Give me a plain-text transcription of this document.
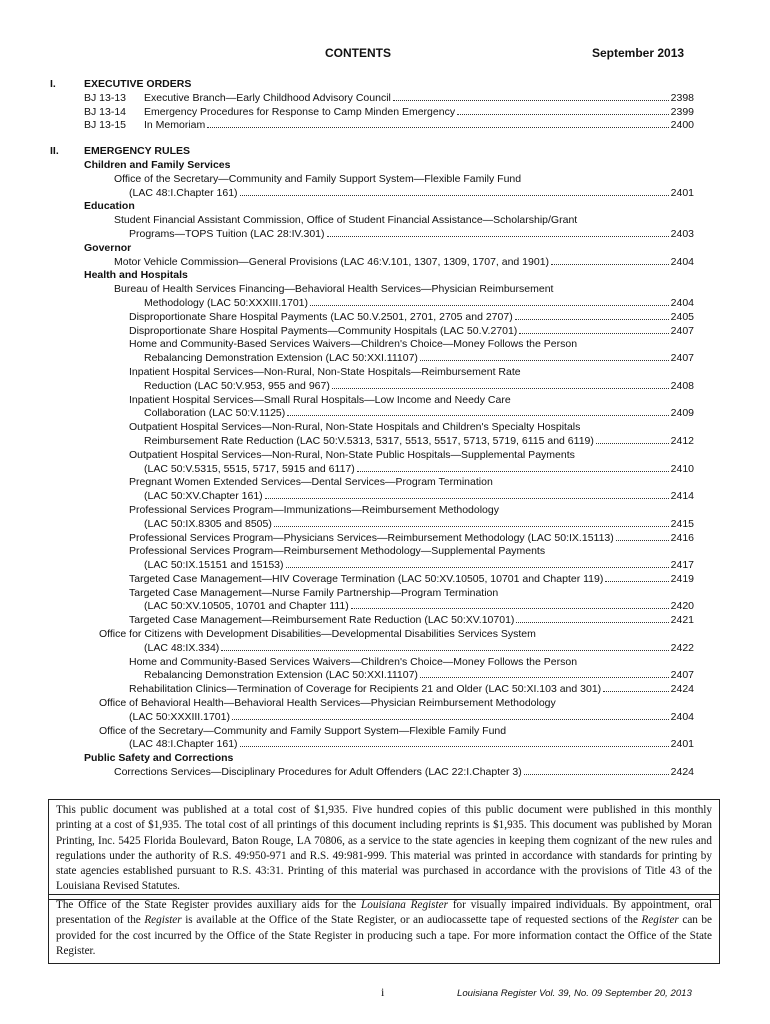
CONTENTS	September 2013
I.	EXECUTIVE ORDERS
BJ 13-13	Executive Branch—Early Childhood Advisory Council	2398
BJ 13-14	Emergency Procedures for Response to Camp Minden Emergency	2399
BJ 13-15	In Memoriam	2400
II.	EMERGENCY RULES
Children and Family Services
Office of the Secretary—Community and Family Support System—Flexible Family Fund
(LAC 48:I.Chapter 161)	2401
Education
Student Financial Assistant Commission, Office of Student Financial Assistance—Scholarship/Grant
Programs—TOPS Tuition (LAC 28:IV.301)	2403
Governor
Motor Vehicle Commission—General Provisions (LAC 46:V.101, 1307, 1309, 1707, and 1901)	2404
Health and Hospitals
Bureau of Health Services Financing—Behavioral Health Services—Physician Reimbursement
Methodology (LAC 50:XXXIII.1701)	2404
Disproportionate Share Hospital Payments (LAC 50.V.2501, 2701, 2705 and 2707)	2405
Disproportionate Share Hospital Payments—Community Hospitals (LAC 50.V.2701)	2407
Home and Community-Based Services Waivers—Children's Choice—Money Follows the Person
Rebalancing Demonstration Extension (LAC 50:XXI.11107)	2407
Inpatient Hospital Services—Non-Rural, Non-State Hospitals—Reimbursement Rate
Reduction (LAC 50:V.953, 955 and 967)	2408
Inpatient Hospital Services—Small Rural Hospitals—Low Income and Needy Care
Collaboration (LAC 50:V.1125)	2409
Outpatient Hospital Services—Non-Rural, Non-State Hospitals and Children's Specialty Hospitals
Reimbursement Rate Reduction (LAC 50:V.5313, 5317, 5513, 5517, 5713, 5719, 6115 and 6119)	2412
Outpatient Hospital Services—Non-Rural, Non-State Public Hospitals—Supplemental Payments
(LAC 50:V.5315, 5515, 5717, 5915 and 6117)	2410
Pregnant Women Extended Services—Dental Services—Program Termination
(LAC 50:XV.Chapter 161)	2414
Professional Services Program—Immunizations—Reimbursement Methodology
(LAC 50:IX.8305 and 8505)	2415
Professional Services Program—Physicians Services—Reimbursement Methodology (LAC 50:IX.15113)	2416
Professional Services Program—Reimbursement Methodology—Supplemental Payments
(LAC 50:IX.15151 and 15153)	2417
Targeted Case Management—HIV Coverage Termination (LAC 50:XV.10505, 10701 and Chapter 119)	2419
Targeted Case Management—Nurse Family Partnership—Program Termination
(LAC 50:XV.10505, 10701 and Chapter 111)	2420
Targeted Case Management—Reimbursement Rate Reduction (LAC 50:XV.10701)	2421
Office for Citizens with Development Disabilities—Developmental Disabilities Services System
(LAC 48:IX.334)	2422
Home and Community-Based Services Waivers—Children's Choice—Money Follows the Person
Rebalancing Demonstration Extension (LAC 50:XXI.11107)	2407
Rehabilitation Clinics—Termination of Coverage for Recipients 21 and Older (LAC 50:XI.103 and 301)	2424
Office of Behavioral Health—Behavioral Health Services—Physician Reimbursement Methodology
(LAC 50:XXXIII.1701)	2404
Office of the Secretary—Community and Family Support System—Flexible Family Fund
(LAC 48:I.Chapter 161)	2401
Public Safety and Corrections
Corrections Services—Disciplinary Procedures for Adult Offenders (LAC 22:I.Chapter 3)	2424
This public document was published at a total cost of $1,935. Five hundred copies of this public document were published in this monthly printing at a cost of $1,935. The total cost of all printings of this document including reprints is $1,935. This document was published by Moran Printing, Inc. 5425 Florida Boulevard, Baton Rouge, LA 70806, as a service to the state agencies in keeping them cognizant of the new rules and regulations under the authority of R.S. 49:950-971 and R.S. 49:981-999. This material was printed in accordance with standards for printing by state agencies established pursuant to R.S. 43:31. Printing of this material was purchased in accordance with the provisions of Title 43 of the Louisiana Revised Statutes.
The Office of the State Register provides auxiliary aids for the Louisiana Register for visually impaired individuals. By appointment, oral presentation of the Register is available at the Office of the State Register, or an audiocassette tape of requested sections of the Register can be provided for the cost incurred by the Office of the State Register in producing such a tape. For more information contact the Office of the State Register.
i	Louisiana Register Vol. 39, No. 09 September 20, 2013
